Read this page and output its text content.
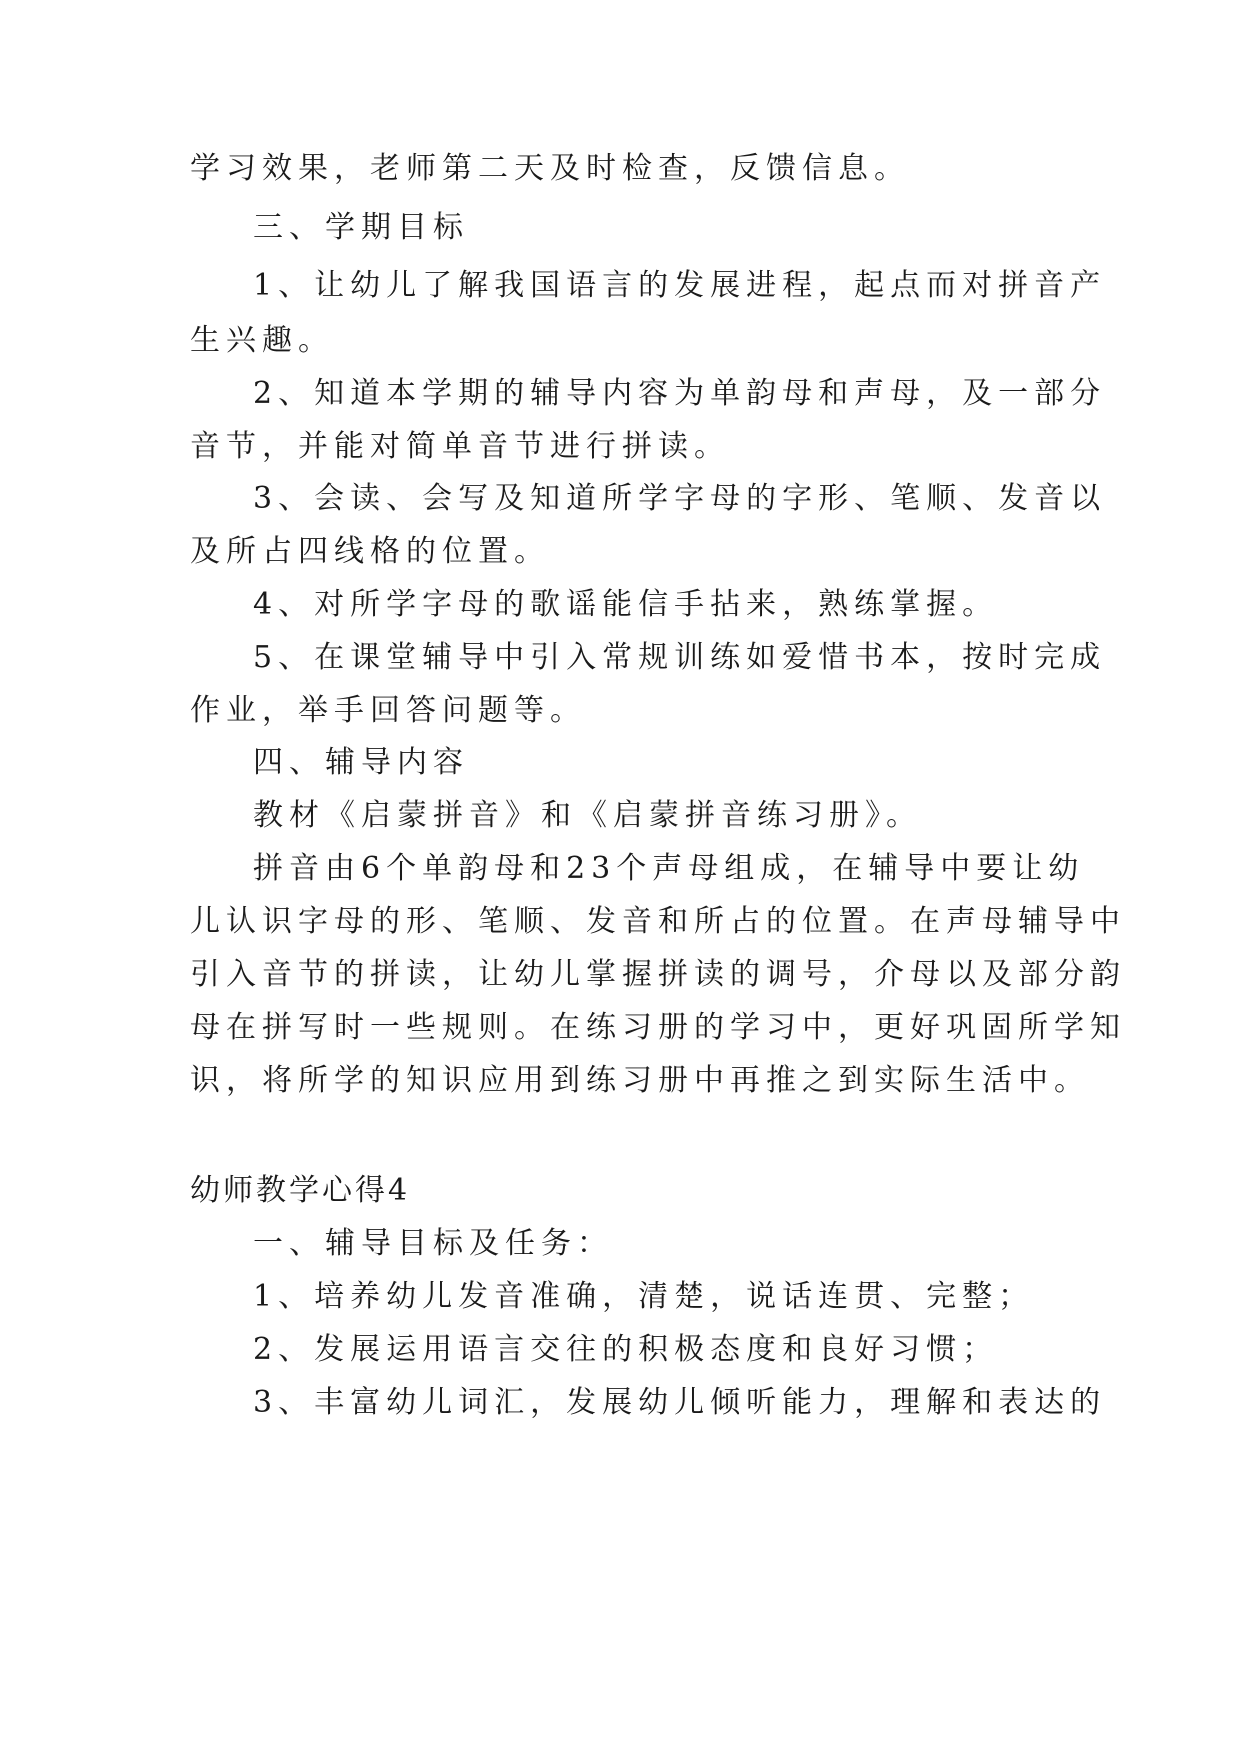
学习效果，老师第二天及时检查，反馈信息。
三、学期目标
1、让幼儿了解我国语言的发展进程，起点而对拼音产
生兴趣。
2、知道本学期的辅导内容为单韵母和声母，及一部分
音节，并能对简单音节进行拼读。
3、会读、会写及知道所学字母的字形、笔顺、发音以
及所占四线格的位置。
4、对所学字母的歌谣能信手拈来，熟练掌握。
5、在课堂辅导中引入常规训练如爱惜书本，按时完成
作业，举手回答问题等。
四、辅导内容
教材《启蒙拼音》和《启蒙拼音练习册》。
拼音由6个单韵母和23个声母组成，在辅导中要让幼
儿认识字母的形、笔顺、发音和所占的位置。在声母辅导中
引入音节的拼读，让幼儿掌握拼读的调号，介母以及部分韵
母在拼写时一些规则。在练习册的学习中，更好巩固所学知
识，将所学的知识应用到练习册中再推之到实际生活中。
幼师教学心得4
一、辅导目标及任务：
1、培养幼儿发音准确，清楚，说话连贯、完整；
2、发展运用语言交往的积极态度和良好习惯；
3、丰富幼儿词汇，发展幼儿倾听能力，理解和表达的
